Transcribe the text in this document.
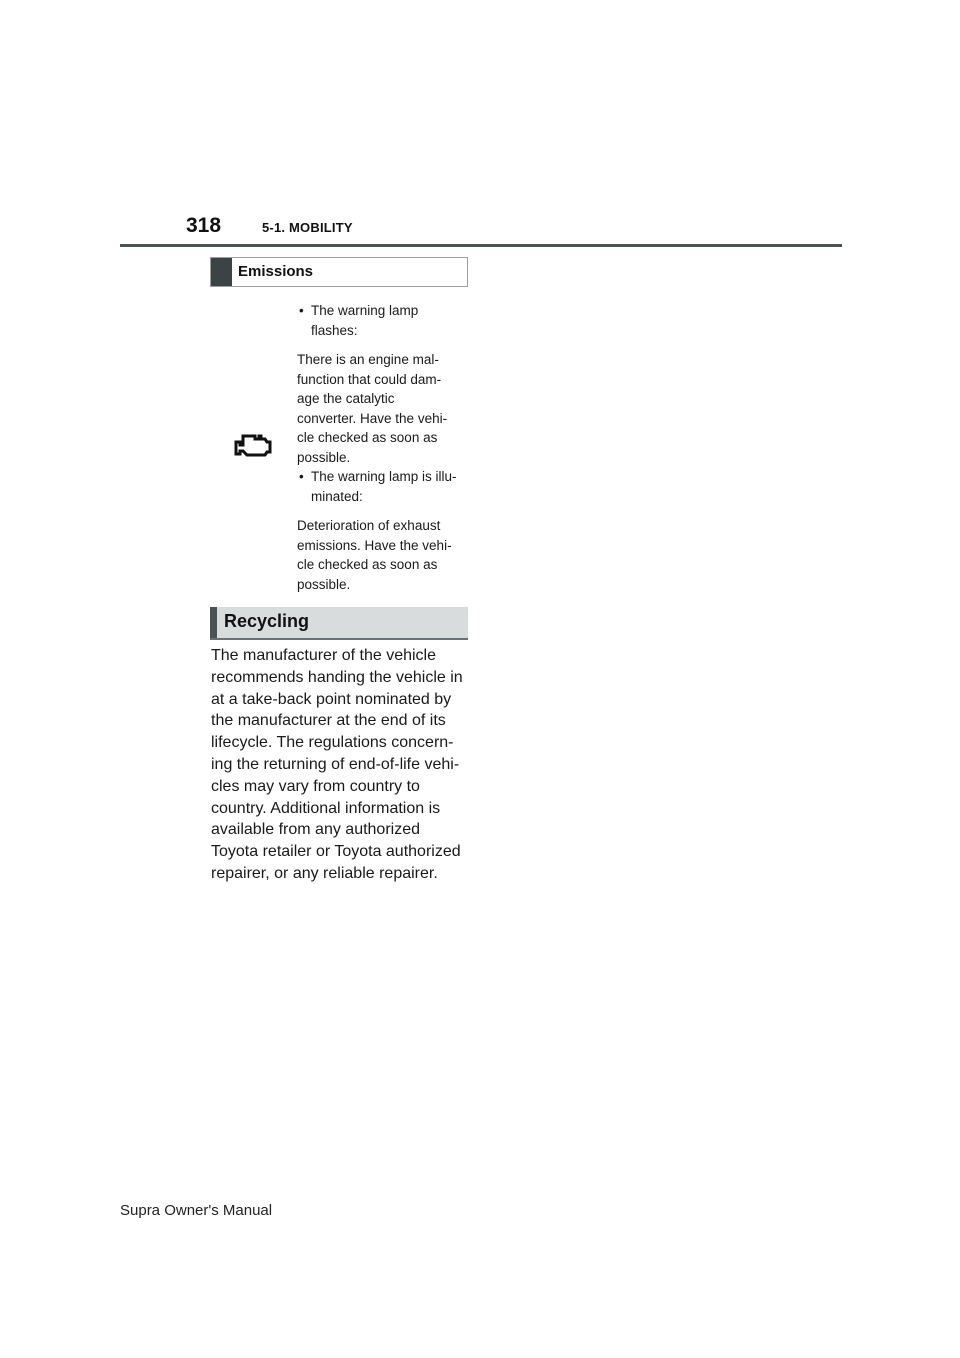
318	5-1. MOBILITY
Emissions

• The warning lamp
flashes:

There is an engine mal-
function that could dam-
age the catalytic
converter. Have the vehi-
cle checked as soon as
possible.

• The warning lamp is illu-
minated:

Deterioration of exhaust
emissions. Have the vehi-
cle checked as soon as
possible.

Recycling
The manufacturer of the vehicle
recommends handing the vehicle in
at a take-back point nominated by
the manufacturer at the end of its
lifecycle. The regulations concern-
ing the returning of end-of-life vehi-
cles may vary from country to
country. Additional information is
available from any authorized
Toyota retailer or Toyota authorized
repairer, or any reliable repairer.
Supra Owner's Manual
